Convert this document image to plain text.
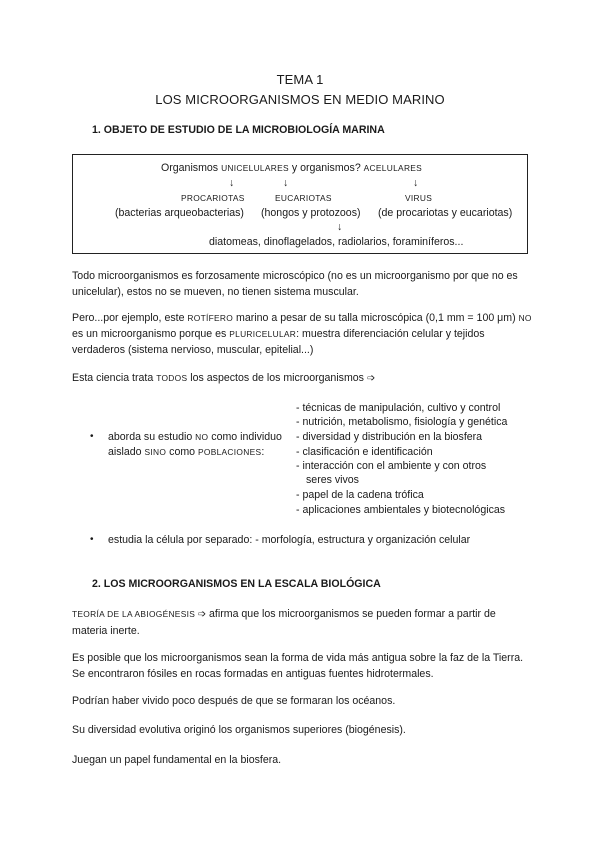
TEMA 1
LOS MICROORGANISMOS EN MEDIO MARINO
1. OBJETO DE ESTUDIO DE LA MICROBIOLOGÍA MARINA
Organismos UNICELULARES y organismos? ACELULARES
↓	↓	↓
PROCARIOTAS	EUCARIOTAS	VIRUS
(bacterias arqueobacterias) (hongos y protozoos) (de procariotas y eucariotas)
↓
diatomeas, dinoflagelados, radiolarios, foraminíferos...
Todo microorganismos es forzosamente microscópico (no es un microorganismo por que no es unicelular), estos no se mueven, no tienen sistema muscular.
Pero...por ejemplo, este ROTÍFERO marino a pesar de su talla microscópica (0,1 mm = 100 μm) NO es un microorganismo porque es PLURICELULAR: muestra diferenciación celular y tejidos verdaderos (sistema nervioso, muscular, epitelial...)
Esta ciencia trata TODOS los aspectos de los microorganismos ➩
• aborda su estudio NO como individuo
aislado SINO como POBLACIONES:
- técnicas de manipulación, cultivo y control
- nutrición, metabolismo, fisiología y genética
- diversidad y distribución en la biosfera
- clasificación e identificación
- interacción con el ambiente y con otros
seres vivos
- papel de la cadena trófica
- aplicaciones ambientales y biotecnológicas
• estudia la célula por separado: - morfología, estructura y organización celular
2. LOS MICROORGANISMOS EN LA ESCALA BIOLÓGICA
TEORÍA DE LA ABIOGÉNESIS ➩ afirma que los microorganismos se pueden formar a partir de materia inerte.
Es posible que los microorganismos sean la forma de vida más antigua sobre la faz de la Tierra. Se encontraron fósiles en rocas formadas en antiguas fuentes hidrotermales.
Podrían haber vivido poco después de que se formaran los océanos.
Su diversidad evolutiva originó los organismos superiores (biogénesis).
Juegan un papel fundamental en la biosfera.
